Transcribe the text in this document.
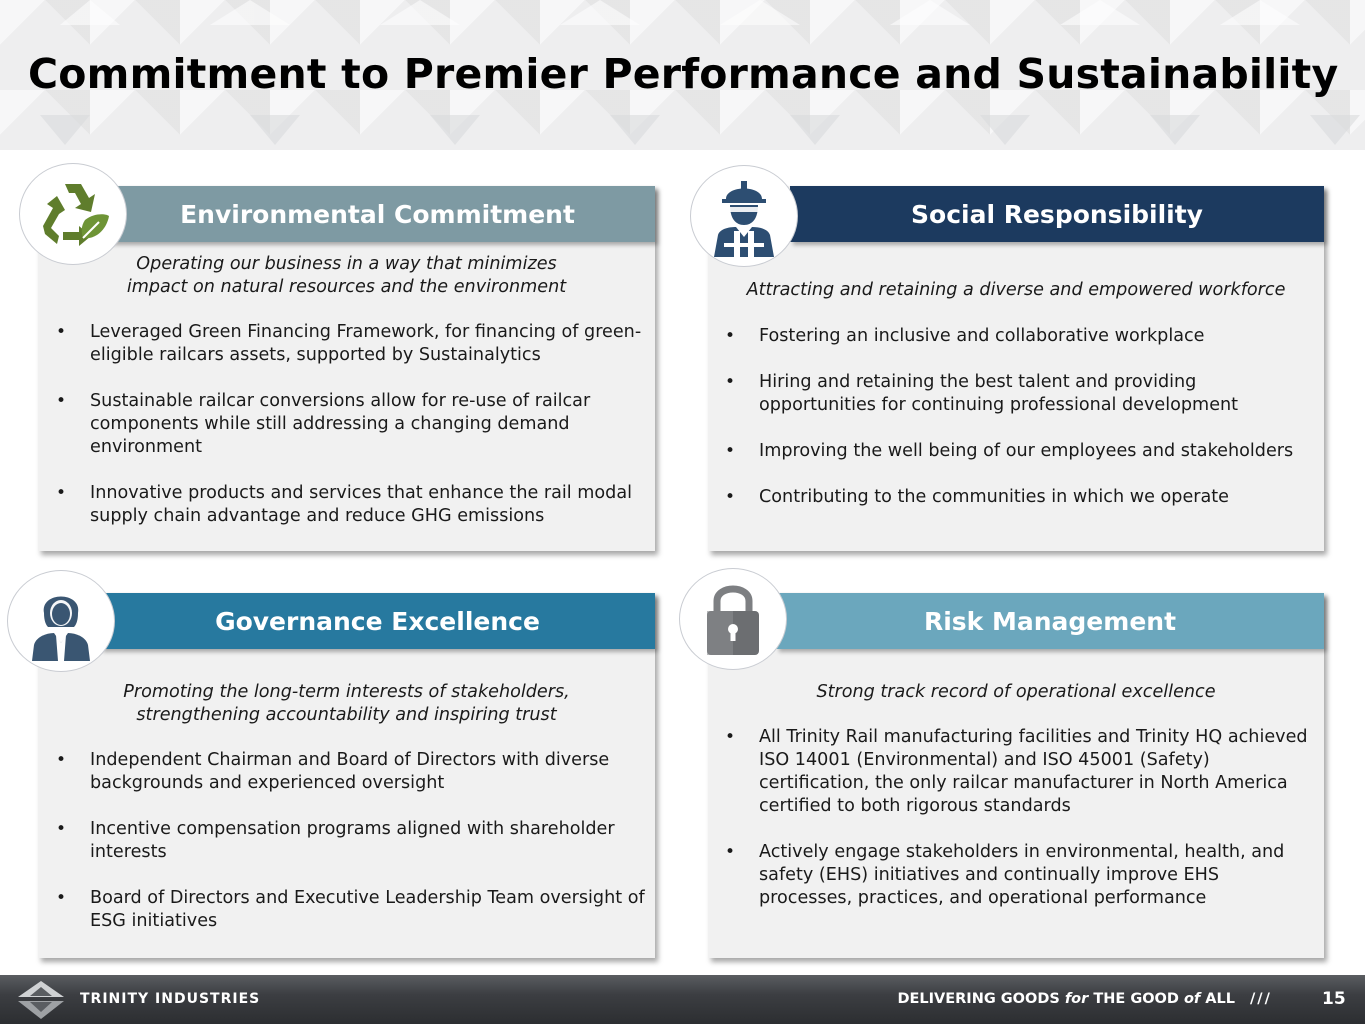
Commitment to Premier Performance and Sustainability
Environmental Commitment
Operating our business in a way that minimizes
impact on natural resources and the environment
• Leveraged Green Financing Framework, for financing of green-eligible railcars assets, supported by Sustainalytics
• Sustainable railcar conversions allow for re-use of railcar components while still addressing a changing demand environment
• Innovative products and services that enhance the rail modal supply chain advantage and reduce GHG emissions
Social Responsibility
Attracting and retaining a diverse and empowered workforce
• Fostering an inclusive and collaborative workplace
• Hiring and retaining the best talent and providing opportunities for continuing professional development
• Improving the well being of our employees and stakeholders
• Contributing to the communities in which we operate
Governance Excellence
Promoting the long-term interests of stakeholders,
strengthening accountability and inspiring trust
• Independent Chairman and Board of Directors with diverse backgrounds and experienced oversight
• Incentive compensation programs aligned with shareholder interests
• Board of Directors and Executive Leadership Team oversight of ESG initiatives
Risk Management
Strong track record of operational excellence
• All Trinity Rail manufacturing facilities and Trinity HQ achieved ISO 14001 (Environmental) and ISO 45001 (Safety) certification, the only railcar manufacturer in North America certified to both rigorous standards
• Actively engage stakeholders in environmental, health, and safety (EHS) initiatives and continually improve EHS processes, practices, and operational performance
TRINITY INDUSTRIES	DELIVERING GOODS for THE GOOD of ALL ///	15
